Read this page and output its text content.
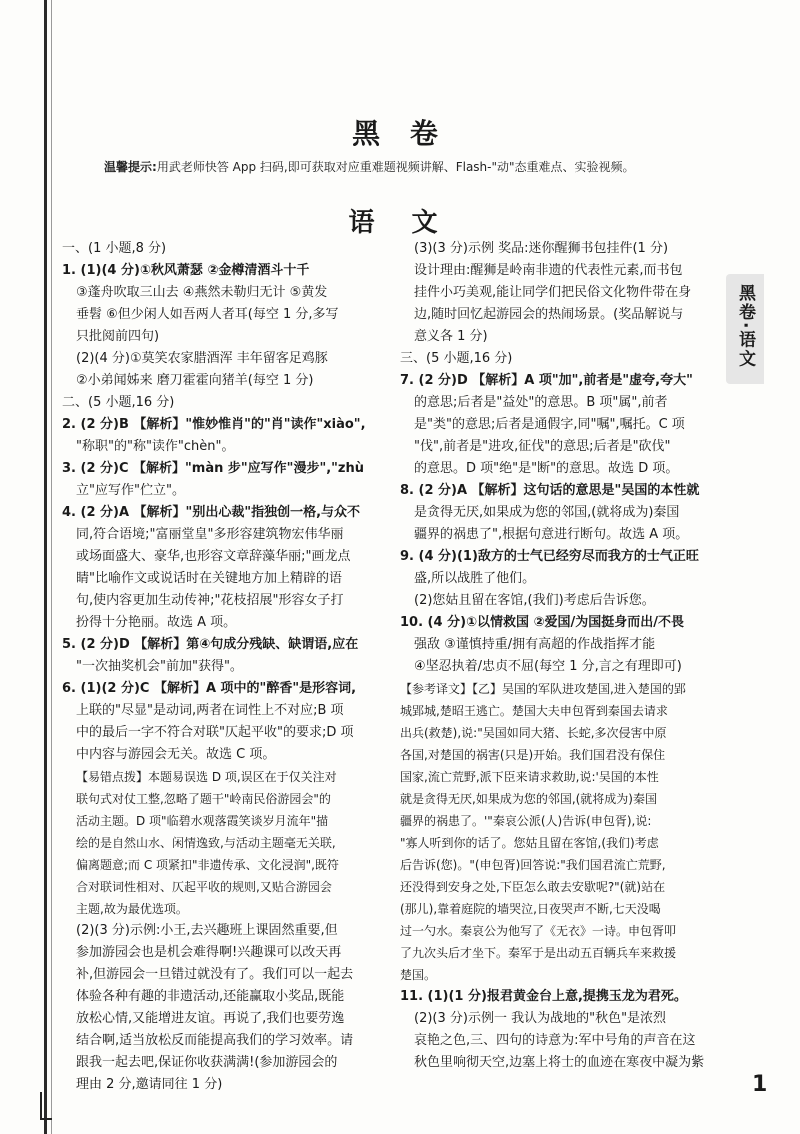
黑 卷
温馨提示:用武老师快答 App 扫码,即可获取对应重难题视频讲解、Flash-"动"态重难点、实验视频。
语 文

一、(1 小题,8 分)

1. (1)(4 分)①秋风萧瑟 ②金樽清酒斗十千

③蓬舟吹取三山去 ④燕然未勒归无计 ⑤黄发

垂髫 ⑥但少闲人如吾两人者耳(每空 1 分,多写

只批阅前四句)

(2)(4 分)①莫笑农家腊酒浑 丰年留客足鸡豚

②小弟闻姊来 磨刀霍霍向猪羊(每空 1 分)

二、(5 小题,16 分)

2. (2 分)B 【解析】"惟妙惟肖"的"肖"读作"xiào",

"称职"的"称"读作"chèn"。

3. (2 分)C 【解析】"màn 步"应写作"漫步","zhù

立"应写作"伫立"。

4. (2 分)A 【解析】"别出心裁"指独创一格,与众不

同,符合语境;"富丽堂皇"多形容建筑物宏伟华丽

或场面盛大、豪华,也形容文章辞藻华丽;"画龙点

睛"比喻作文或说话时在关键地方加上精辟的语

句,使内容更加生动传神;"花枝招展"形容女子打

扮得十分艳丽。故选 A 项。

5. (2 分)D 【解析】第④句成分残缺、缺谓语,应在

"一次抽奖机会"前加"获得"。

6. (1)(2 分)C 【解析】A 项中的"醉香"是形容词,

上联的"尽显"是动词,两者在词性上不对应;B 项

中的最后一字不符合对联"仄起平收"的要求;D 项

中内容与游园会无关。故选 C 项。

【易错点拨】本题易误选 D 项,误区在于仅关注对

联句式对仗工整,忽略了题干"岭南民俗游园会"的

活动主题。D 项"临碧水观落霞笑谈岁月流年"描

绘的是自然山水、闲情逸致,与活动主题毫无关联,

偏离题意;而 C 项紧扣"非遗传承、文化浸润",既符

合对联词性相对、仄起平收的规则,又贴合游园会

主题,故为最优选项。

(2)(3 分)示例:小王,去兴趣班上课固然重要,但

参加游园会也是机会难得啊!兴趣课可以改天再

补,但游园会一旦错过就没有了。我们可以一起去

体验各种有趣的非遗活动,还能赢取小奖品,既能

放松心情,又能增进友谊。再说了,我们也要劳逸

结合啊,适当放松反而能提高我们的学习效率。请

跟我一起去吧,保证你收获满满!(参加游园会的

理由 2 分,邀请同往 1 分)

(3)(3 分)示例 奖品:迷你醒狮书包挂件(1 分)

设计理由:醒狮是岭南非遗的代表性元素,而书包

挂件小巧美观,能让同学们把民俗文化物件带在身

边,随时回忆起游园会的热闹场景。(奖品解说与

意义各 1 分)

三、(5 小题,16 分)

7. (2 分)D 【解析】A 项"加",前者是"虚夸,夸大"

的意思;后者是"益处"的意思。B 项"属",前者

是"类"的意思;后者是通假字,同"嘱",嘱托。C 项

"伐",前者是"进攻,征伐"的意思;后者是"砍伐"

的意思。D 项"绝"是"断"的意思。故选 D 项。

8. (2 分)A 【解析】这句话的意思是"吴国的本性就

是贪得无厌,如果成为您的邻国,(就将成为)秦国

疆界的祸患了",根据句意进行断句。故选 A 项。

9. (4 分)(1)敌方的士气已经穷尽而我方的士气正旺

盛,所以战胜了他们。

(2)您姑且留在客馆,(我们)考虑后告诉您。

10. (4 分)①以情救国 ②爱国/为国挺身而出/不畏

强敌 ③谨慎持重/拥有高超的作战指挥才能

④坚忍执着/忠贞不屈(每空 1 分,言之有理即可)

【参考译文】【乙】吴国的军队进攻楚国,进入楚国的郢

城郢城,楚昭王逃亡。楚国大夫申包胥到秦国去请求

出兵(救楚),说:"吴国如同大猪、长蛇,多次侵害中原

各国,对楚国的祸害(只是)开始。我们国君没有保住

国家,流亡荒野,派下臣来请求救助,说:'吴国的本性

就是贪得无厌,如果成为您的邻国,(就将成为)秦国

疆界的祸患了。'"秦哀公派(人)告诉(申包胥),说:

"寡人听到你的话了。您姑且留在客馆,(我们)考虑

后告诉(您)。"(申包胥)回答说:"我们国君流亡荒野,

还没得到安身之处,下臣怎么敢去安歇呢?"(就)站在

(那儿),靠着庭院的墙哭泣,日夜哭声不断,七天没喝

过一勺水。秦哀公为他写了《无衣》一诗。申包胥叩

了九次头后才坐下。秦军于是出动五百辆兵车来救援

楚国。

11. (1)(1 分)报君黄金台上意,提携玉龙为君死。

(2)(3 分)示例一 我认为战地的"秋色"是浓烈

哀艳之色,三、四句的诗意为:军中号角的声音在这

秋色里响彻天空,边塞上将士的血迹在寒夜中凝为紫

黑卷·语文
1
